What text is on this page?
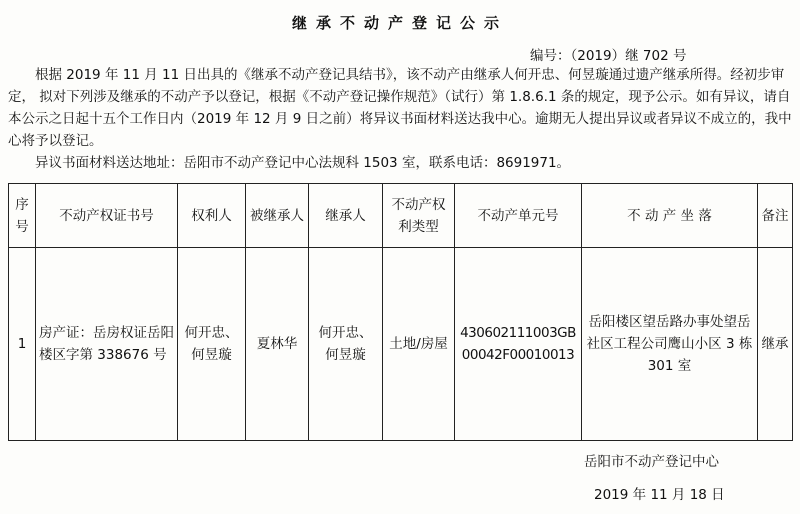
继承不动产登记公示
编号：（2019）继 702 号

根据 2019 年 11 月 11 日出具的《继承不动产登记具结书》，该不动产由继承人何开忠、何昱璇通过遗产继承所得。经初步审定， 拟对下列涉及继承的不动产予以登记，根据《不动产登记操作规范》（试行）第 1.8.6.1 条的规定，现予公示。如有异议，请自本公示之日起十五个工作日内（2019 年 12 月 9 日之前）将异议书面材料送达我中心。逾期无人提出异议或者异议不成立的，我中心将予以登记。

异议书面材料送达地址：岳阳市不动产登记中心法规科 1503 室，联系电话：8691971。

序号	不动产权证书号	权利人	被继承人	继承人	不动产权利类型	不动产单元号	不 动 产 坐 落	备注
1	房产证：岳房权证岳阳楼区字第 338676 号	何开忠、何昱璇	夏林华	何开忠、何昱璇	土地/房屋	430602111003GB00042F00010013	岳阳楼区望岳路办事处望岳社区工程公司鹰山小区 3 栋 301 室	继承
岳阳市不动产登记中心
2019 年 11 月 18 日
